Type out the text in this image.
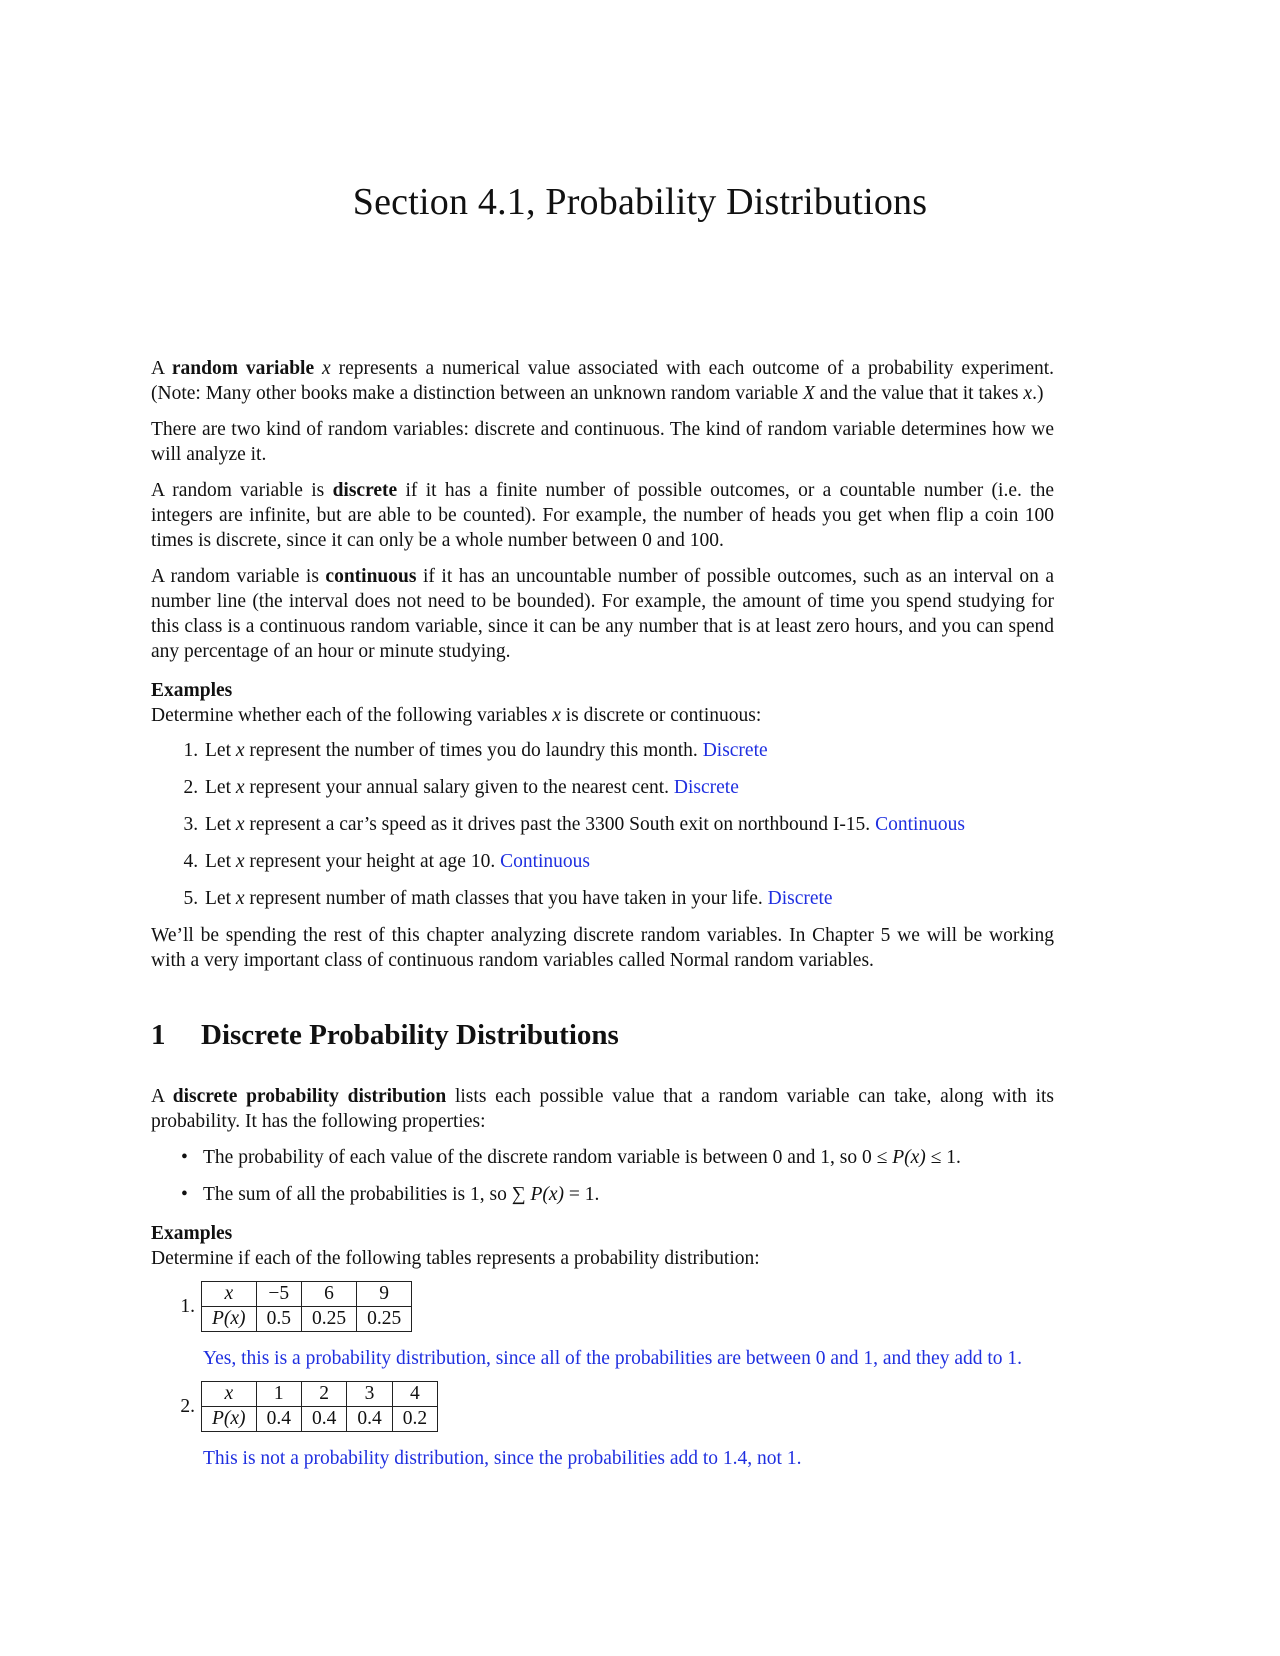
Section 4.1, Probability Distributions

A random variable x represents a numerical value associated with each outcome of a probability experiment. (Note: Many other books make a distinction between an unknown random variable X and the value that it takes x.)

There are two kind of random variables: discrete and continuous. The kind of random variable determines how we will analyze it.

A random variable is discrete if it has a finite number of possible outcomes, or a countable number (i.e. the integers are infinite, but are able to be counted). For example, the number of heads you get when flip a coin 100 times is discrete, since it can only be a whole number between 0 and 100.

A random variable is continuous if it has an uncountable number of possible outcomes, such as an interval on a number line (the interval does not need to be bounded). For example, the amount of time you spend studying for this class is a continuous random variable, since it can be any number that is at least zero hours, and you can spend any percentage of an hour or minute studying.

Examples
Determine whether each of the following variables x is discrete or continuous:
1. Let x represent the number of times you do laundry this month. Discrete
2. Let x represent your annual salary given to the nearest cent. Discrete
3. Let x represent a car’s speed as it drives past the 3300 South exit on northbound I-15. Continuous
4. Let x represent your height at age 10. Continuous
5. Let x represent number of math classes that you have taken in your life. Discrete

We’ll be spending the rest of this chapter analyzing discrete random variables. In Chapter 5 we will be working with a very important class of continuous random variables called Normal random variables.

1	Discrete Probability Distributions

A discrete probability distribution lists each possible value that a random variable can take, along with its probability. It has the following properties:

• The probability of each value of the discrete random variable is between 0 and 1, so 0 ≤ P(x) ≤ 1.
• The sum of all the probabilities is 1, so ∑ P(x) = 1.
Examples
Determine if each of the following tables represents a probability distribution:
1.
x	−5	6	9
P(x)	0.5	0.25	0.25
Yes, this is a probability distribution, since all of the probabilities are between 0 and 1, and they add to 1.
2.
x	1	2	3	4
P(x)	0.4	0.4	0.4	0.2
This is not a probability distribution, since the probabilities add to 1.4, not 1.
